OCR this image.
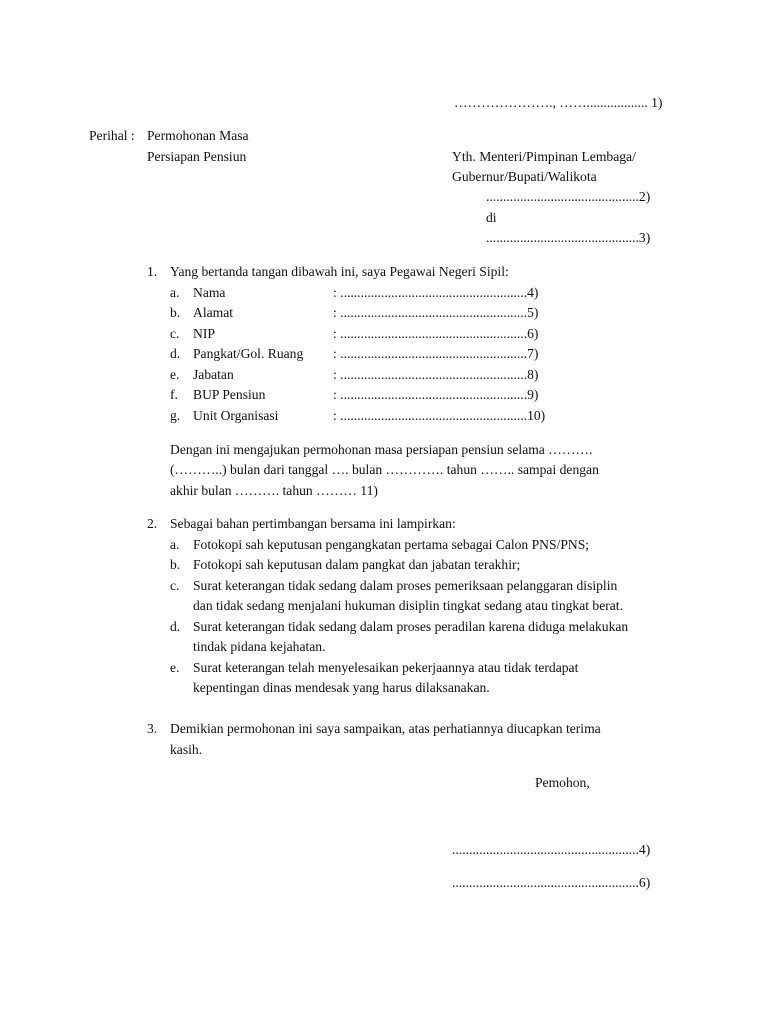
…………………., …….................. 1)
Perihal : Permohonan Masa
Persiapan Pensiun	Yth. Menteri/Pimpinan Lembaga/
Gubernur/Bupati/Walikota
.............................................2)
di
.............................................3)
1. Yang bertanda tangan dibawah ini, saya Pegawai Negeri Sipil:
a. Nama	: .......................................................4)
b. Alamat	: .......................................................5)
c. NIP	: .......................................................6)
d. Pangkat/Gol. Ruang : .......................................................7)
e. Jabatan	: .......................................................8)
f. BUP Pensiun	: .......................................................9)
g. Unit Organisasi	: .......................................................10)
Dengan ini mengajukan permohonan masa persiapan pensiun selama ……….
(………..) bulan dari tanggal …. bulan …………. tahun …….. sampai dengan
akhir bulan ………. tahun ……… 11)
2. Sebagai bahan pertimbangan bersama ini lampirkan:
a. Fotokopi sah keputusan pengangkatan pertama sebagai Calon PNS/PNS;
b. Fotokopi sah keputusan dalam pangkat dan jabatan terakhir;
c. Surat keterangan tidak sedang dalam proses pemeriksaan pelanggaran disiplin
dan tidak sedang menjalani hukuman disiplin tingkat sedang atau tingkat berat.
d. Surat keterangan tidak sedang dalam proses peradilan karena diduga melakukan
tindak pidana kejahatan.
e. Surat keterangan telah menyelesaikan pekerjaannya atau tidak terdapat
kepentingan dinas mendesak yang harus dilaksanakan.
3. Demikian permohonan ini saya sampaikan, atas perhatiannya diucapkan terima
kasih.
Pemohon,
.......................................................4)
.......................................................6)
